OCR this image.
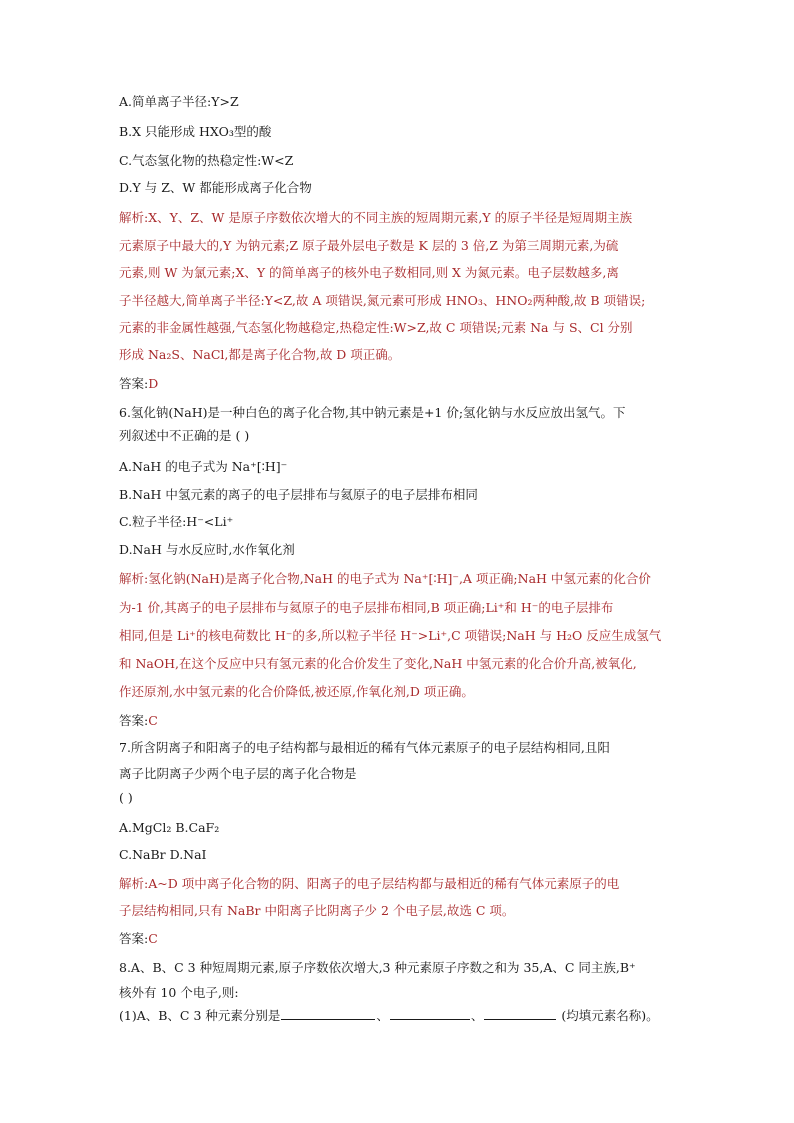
A.简单离子半径:Y>Z
B.X 只能形成 HXO₃型的酸
C.气态氢化物的热稳定性:W<Z
D.Y 与 Z、W 都能形成离子化合物
解析:X、Y、Z、W 是原子序数依次增大的不同主族的短周期元素,Y 的原子半径是短周期主族
元素原子中最大的,Y 为钠元素;Z 原子最外层电子数是 K 层的 3 倍,Z 为第三周期元素,为硫
元素,则 W 为氯元素;X、Y 的简单离子的核外电子数相同,则 X 为氮元素。电子层数越多,离
子半径越大,简单离子半径:Y<Z,故 A 项错误,氮元素可形成 HNO₃、HNO₂两种酸,故 B 项错误;
元素的非金属性越强,气态氢化物越稳定,热稳定性:W>Z,故 C 项错误;元素 Na 与 S、Cl 分别
形成 Na₂S、NaCl,都是离子化合物,故 D 项正确。
答案:D
6.氢化钠(NaH)是一种白色的离子化合物,其中钠元素是+1 价;氢化钠与水反应放出氢气。下
列叙述中不正确的是 ( )
A.NaH 的电子式为 Na⁺[∶H]⁻
B.NaH 中氢元素的离子的电子层排布与氦原子的电子层排布相同
C.粒子半径:H⁻<Li⁺
D.NaH 与水反应时,水作氧化剂
解析:氢化钠(NaH)是离子化合物,NaH 的电子式为 Na⁺[∶H]⁻,A 项正确;NaH 中氢元素的化合价
为-1 价,其离子的电子层排布与氦原子的电子层排布相同,B 项正确;Li⁺和 H⁻的电子层排布
相同,但是 Li⁺的核电荷数比 H⁻的多,所以粒子半径 H⁻>Li⁺,C 项错误;NaH 与 H₂O 反应生成氢气
和 NaOH,在这个反应中只有氢元素的化合价发生了变化,NaH 中氢元素的化合价升高,被氧化,
作还原剂,水中氢元素的化合价降低,被还原,作氧化剂,D 项正确。
答案:C
7.所含阴离子和阳离子的电子结构都与最相近的稀有气体元素原子的电子层结构相同,且阳
离子比阴离子少两个电子层的离子化合物是
( )
A.MgCl₂ B.CaF₂
C.NaBr D.NaI
解析:A~D 项中离子化合物的阴、阳离子的电子层结构都与最相近的稀有气体元素原子的电
子层结构相同,只有 NaBr 中阳离子比阴离子少 2 个电子层,故选 C 项。
答案:C
8.A、B、C 3 种短周期元素,原子序数依次增大,3 种元素原子序数之和为 35,A、C 同主族,B⁺
核外有 10 个电子,则:
(1)A、B、C 3 种元素分别是	、	、	(均填元素名称)。
